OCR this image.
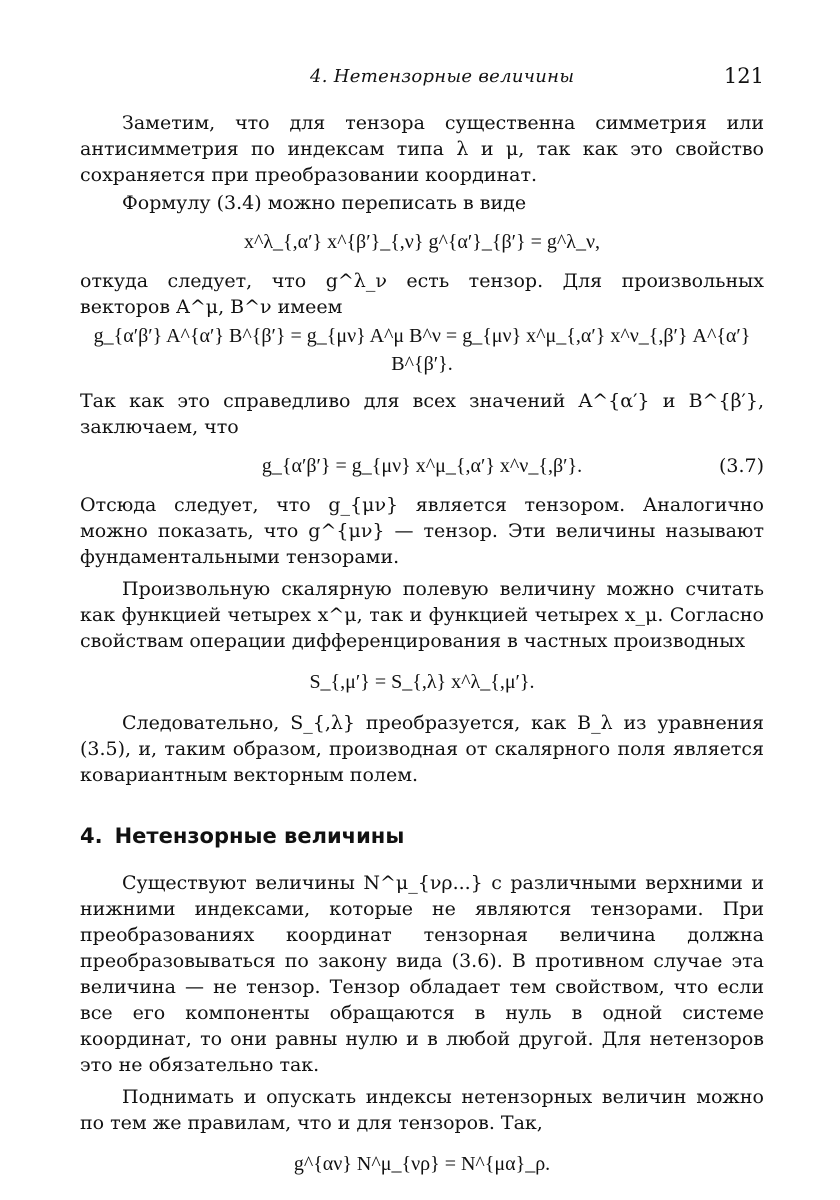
4. Нетензорные величины	121

Заметим, что для тензора существенна симметрия или антисимметрия по индексам типа λ и μ, так как это свойство сохраняется при преобразовании координат.

Формулу (3.4) можно переписать в виде

x^λ_{,α′} x^{β′}_{,ν} g^{α′}_{β′} = g^λ_ν,

откуда следует, что g^λ_ν есть тензор. Для произвольных векторов A^μ, B^ν имеем

g_{α′β′} A^{α′} B^{β′} = g_{μν} A^μ B^ν = g_{μν} x^μ_{,α′} x^ν_{,β′} A^{α′} B^{β′}.

Так как это справедливо для всех значений A^{α′} и B^{β′}, заключаем, что

g_{α′β′} = g_{μν} x^μ_{,α′} x^ν_{,β′}.	(3.7)

Отсюда следует, что g_{μν} является тензором. Аналогично можно показать, что g^{μν} — тензор. Эти величины называют фундаментальными тензорами.

Произвольную скалярную полевую величину можно считать как функцией четырех x^μ, так и функцией четырех x_μ. Согласно свойствам операции дифференцирования в частных производных

S_{,μ′} = S_{,λ} x^λ_{,μ′}.

Следовательно, S_{,λ} преобразуется, как B_λ из уравнения (3.5), и, таким образом, производная от скалярного поля является ковариантным векторным полем.

4. Нетензорные величины

Существуют величины N^μ_{νρ...} с различными верхними и нижними индексами, которые не являются тензорами. При преобразованиях координат тензорная величина должна преобразовываться по закону вида (3.6). В противном случае эта величина — не тензор. Тензор обладает тем свойством, что если все его компоненты обращаются в нуль в одной системе координат, то они равны нулю и в любой другой. Для нетензоров это не обязательно так.

Поднимать и опускать индексы нетензорных величин можно по тем же правилам, что и для тензоров. Так,

g^{αν} N^μ_{νρ} = N^{μα}_ρ.
